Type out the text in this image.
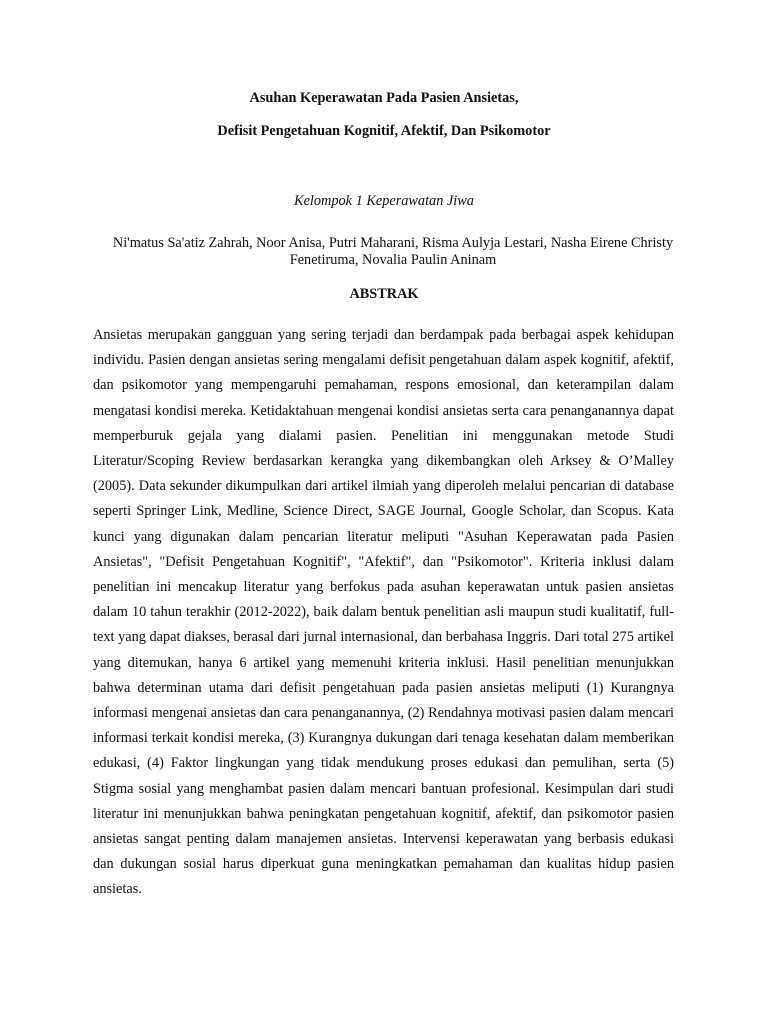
Asuhan Keperawatan Pada Pasien Ansietas,

Defisit Pengetahuan Kognitif, Afektif, Dan Psikomotor

Kelompok 1 Keperawatan Jiwa

Ni'matus Sa'atiz Zahrah, Noor Anisa, Putri Maharani, Risma Aulyja Lestari, Nasha Eirene Christy Fenetiruma, Novalia Paulin Aninam

ABSTRAK

Ansietas merupakan gangguan yang sering terjadi dan berdampak pada berbagai aspek kehidupan individu. Pasien dengan ansietas sering mengalami defisit pengetahuan dalam aspek kognitif, afektif, dan psikomotor yang mempengaruhi pemahaman, respons emosional, dan keterampilan dalam mengatasi kondisi mereka. Ketidaktahuan mengenai kondisi ansietas serta cara penanganannya dapat memperburuk gejala yang dialami pasien. Penelitian ini menggunakan metode Studi Literatur/Scoping Review berdasarkan kerangka yang dikembangkan oleh Arksey & O’Malley (2005). Data sekunder dikumpulkan dari artikel ilmiah yang diperoleh melalui pencarian di database seperti Springer Link, Medline, Science Direct, SAGE Journal, Google Scholar, dan Scopus. Kata kunci yang digunakan dalam pencarian literatur meliputi "Asuhan Keperawatan pada Pasien Ansietas", "Defisit Pengetahuan Kognitif", "Afektif", dan "Psikomotor". Kriteria inklusi dalam penelitian ini mencakup literatur yang berfokus pada asuhan keperawatan untuk pasien ansietas dalam 10 tahun terakhir (2012-2022), baik dalam bentuk penelitian asli maupun studi kualitatif, full-text yang dapat diakses, berasal dari jurnal internasional, dan berbahasa Inggris. Dari total 275 artikel yang ditemukan, hanya 6 artikel yang memenuhi kriteria inklusi. Hasil penelitian menunjukkan bahwa determinan utama dari defisit pengetahuan pada pasien ansietas meliputi (1) Kurangnya informasi mengenai ansietas dan cara penanganannya, (2) Rendahnya motivasi pasien dalam mencari informasi terkait kondisi mereka, (3) Kurangnya dukungan dari tenaga kesehatan dalam memberikan edukasi, (4) Faktor lingkungan yang tidak mendukung proses edukasi dan pemulihan, serta (5) Stigma sosial yang menghambat pasien dalam mencari bantuan profesional. Kesimpulan dari studi literatur ini menunjukkan bahwa peningkatan pengetahuan kognitif, afektif, dan psikomotor pasien ansietas sangat penting dalam manajemen ansietas. Intervensi keperawatan yang berbasis edukasi dan dukungan sosial harus diperkuat guna meningkatkan pemahaman dan kualitas hidup pasien ansietas.
